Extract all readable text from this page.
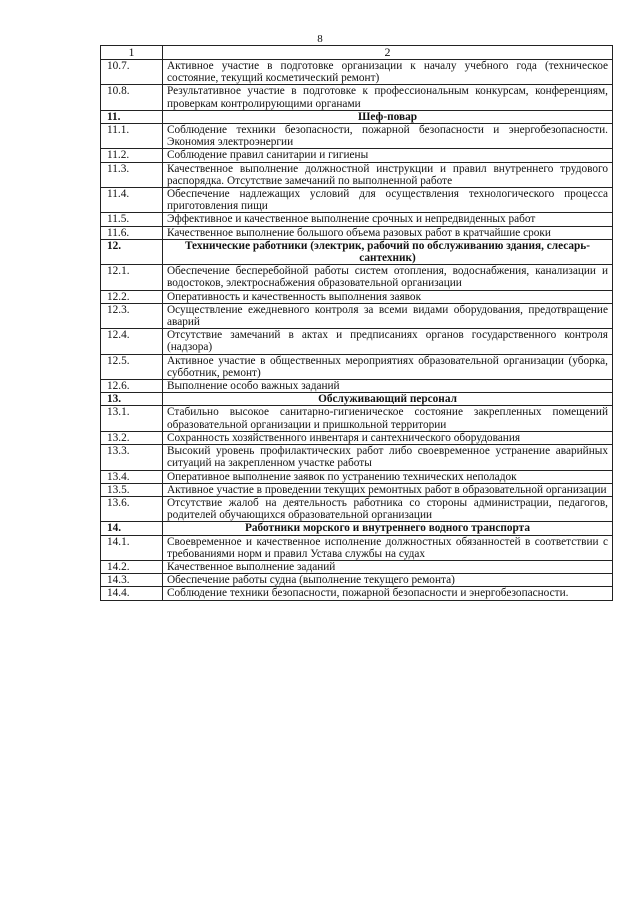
8
1	2
10.7.	Активное участие в подготовке организации к началу учебного года (техническое состояние, текущий косметический ремонт)
10.8.	Результативное участие в подготовке к профессиональным конкурсам, конференциям, проверкам контролирующими органами
11.	Шеф-повар
11.1.	Соблюдение техники безопасности, пожарной безопасности и энергобезопасности. Экономия электроэнергии
11.2.	Соблюдение правил санитарии и гигиены
11.3.	Качественное выполнение должностной инструкции и правил внутреннего трудового распорядка. Отсутствие замечаний по выполненной работе
11.4.	Обеспечение надлежащих условий для осуществления технологического процесса приготовления пищи
11.5.	Эффективное и качественное выполнение срочных и непредвиденных работ
11.6.	Качественное выполнение большого объема разовых работ в кратчайшие сроки
12.	Технические работники (электрик, рабочий по обслуживанию здания, слесарь-сантехник)
12.1.	Обеспечение бесперебойной работы систем отопления, водоснабжения, канализации и водостоков, электроснабжения образовательной организации
12.2.	Оперативность и качественность выполнения заявок
12.3.	Осуществление ежедневного контроля за всеми видами оборудования, предотвращение аварий
12.4.	Отсутствие замечаний в актах и предписаниях органов государственного контроля (надзора)
12.5.	Активное участие в общественных мероприятиях образовательной организации (уборка, субботник, ремонт)
12.6.	Выполнение особо важных заданий
13.	Обслуживающий персонал
13.1.	Стабильно высокое санитарно-гигиеническое состояние закрепленных помещений образовательной организации и пришкольной территории
13.2.	Сохранность хозяйственного инвентаря и сантехнического оборудования
13.3.	Высокий уровень профилактических работ либо своевременное устранение аварийных ситуаций на закрепленном участке работы
13.4.	Оперативное выполнение заявок по устранению технических неполадок
13.5.	Активное участие в проведении текущих ремонтных работ в образовательной организации
13.6.	Отсутствие жалоб на деятельность работника со стороны администрации, педагогов, родителей обучающихся образовательной организации
14.	Работники морского и внутреннего водного транспорта
14.1.	Своевременное и качественное исполнение должностных обязанностей в соответствии с требованиями норм и правил Устава службы на судах
14.2.	Качественное выполнение заданий
14.3.	Обеспечение работы судна (выполнение текущего ремонта)
14.4.	Соблюдение техники безопасности, пожарной безопасности и энергобезопасности.
